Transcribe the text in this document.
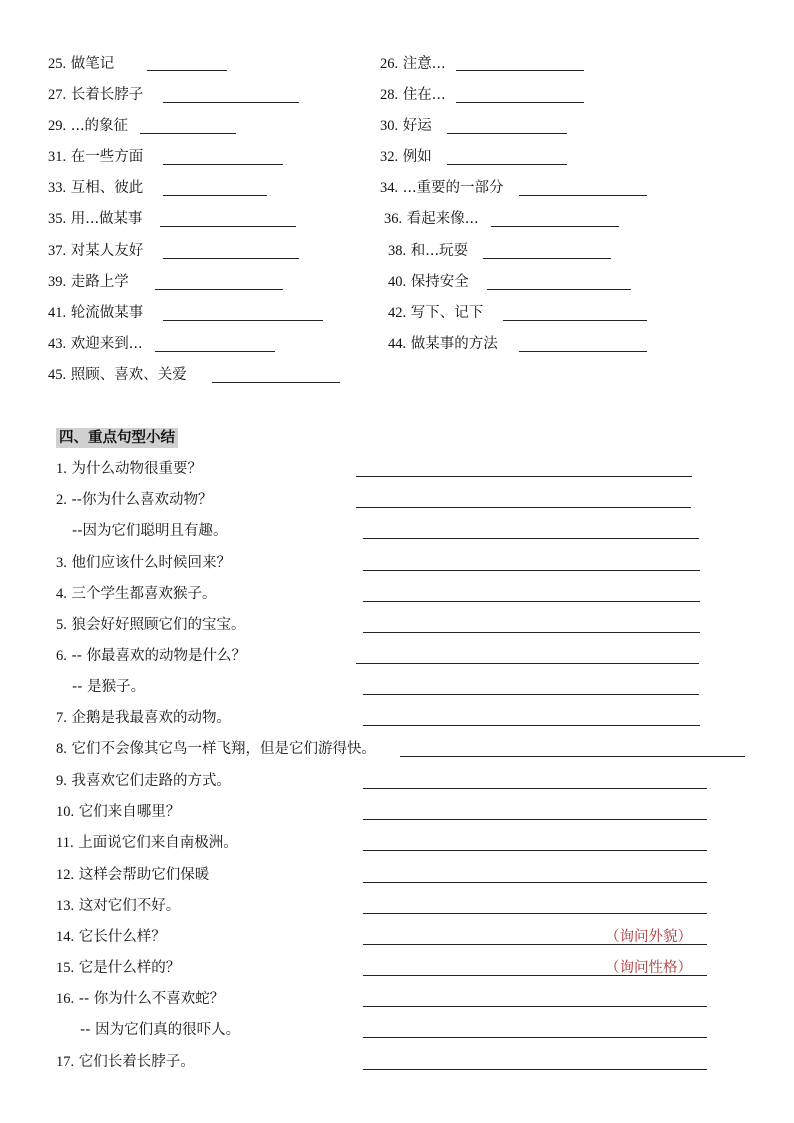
25. 做笔记
27. 长着长脖子
29. ...的象征
31. 在一些方面
33. 互相、彼此
35. 用...做某事
37. 对某人友好
39. 走路上学
41. 轮流做某事
43. 欢迎来到...
45. 照顾、喜欢、关爱
26. 注意...
28. 住在...
30. 好运
32. 例如
34. ...重要的一部分
36. 看起来像...
38. 和...玩耍
40. 保持安全
42. 写下、记下
44. 做某事的方法
四、重点句型小结
1. 为什么动物很重要？
2. --你为什么喜欢动物？
--因为它们聪明且有趣。
3. 他们应该什么时候回来？
4. 三个学生都喜欢猴子。
5. 狼会好好照顾它们的宝宝。
6. -- 你最喜欢的动物是什么？
-- 是猴子。
7. 企鹅是我最喜欢的动物。
8. 它们不会像其它鸟一样飞翔，但是它们游得快。
9. 我喜欢它们走路的方式。
10. 它们来自哪里？
11. 上面说它们来自南极洲。
12. 这样会帮助它们保暖
13. 这对它们不好。
14. 它长什么样？	（询问外貌）
15. 它是什么样的？	（询问性格）
16. -- 你为什么不喜欢蛇？
-- 因为它们真的很吓人。
17. 它们长着长脖子。
